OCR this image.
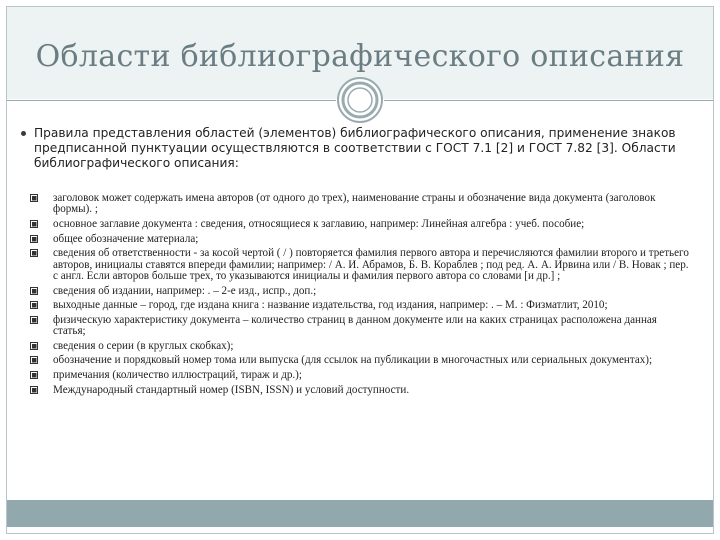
Области библиографического описания
Правила представления областей (элементов) библиографического описания, применение знаков предписанной пунктуации осуществляются в соответствии с ГОСТ 7.1 [2] и ГОСТ 7.82 [3]. Области библиографического описания:
заголовок может содержать имена авторов (от одного до трех), наименование страны и обозначение вида документа (заголовок формы). ;
основное заглавие документа : сведения, относящиеся к заглавию, например: Линейная алгебра : учеб. пособие;
общее обозначение материала;
сведения об ответственности - за косой чертой ( / ) повторяется фамилия первого автора и перечисляются фамилии второго и третьего авторов, инициалы ставятся впереди фамилии; например: / А. И. Абрамов, Б. В. Кораблев ; под ред. А. А. Ирвина или / В. Новак ; пер. с англ. Если авторов больше трех, то указываются инициалы и фамилия первого автора со словами [и др.] ;
сведения об издании, например: . – 2-е изд., испр., доп.;
выходные данные – город, где издана книга : название издательства, год издания, например: . – М. : Физматлит, 2010;
физическую характеристику документа – количество страниц в данном документе или на каких страницах расположена данная статья;
сведения о серии (в круглых скобках);
обозначение и порядковый номер тома или выпуска (для ссылок на публикации в многочастных или сериальных документах);
примечания (количество иллюстраций, тираж и др.);
Международный стандартный номер (ISBN, ISSN) и условий доступности.
